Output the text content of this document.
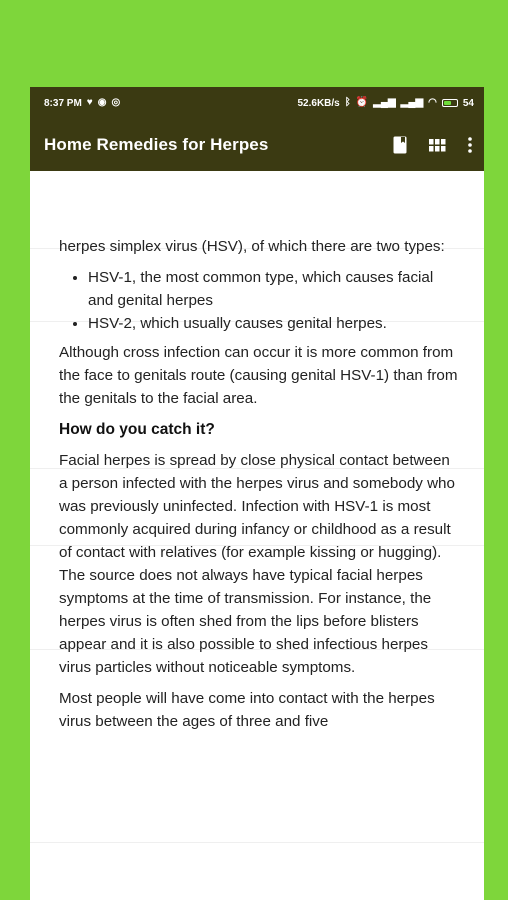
8:37 PM ♥ ◉ ◎	52.6KB/s ᛒ ⏰ ▂▄▆ ▂▄▆ ◠	54
Home Remedies for Herpes

herpes simplex virus (HSV), of which there are two types:

• HSV-1, the most common type, which causes facial and genital herpes
• HSV-2, which usually causes genital herpes.

Although cross infection can occur it is more common from the face to genitals route (causing genital HSV-1) than from the genitals to the facial area.

How do you catch it?

Facial herpes is spread by close physical contact between a person infected with the herpes virus and somebody who was previously uninfected. Infection with HSV-1 is most commonly acquired during infancy or childhood as a result of contact with relatives (for example kissing or hugging). The source does not always have typical facial herpes symptoms at the time of transmission. For instance, the herpes virus is often shed from the lips before blisters appear and it is also possible to shed infectious herpes virus particles without noticeable symptoms.

Most people will have come into contact with the herpes virus between the ages of three and five
